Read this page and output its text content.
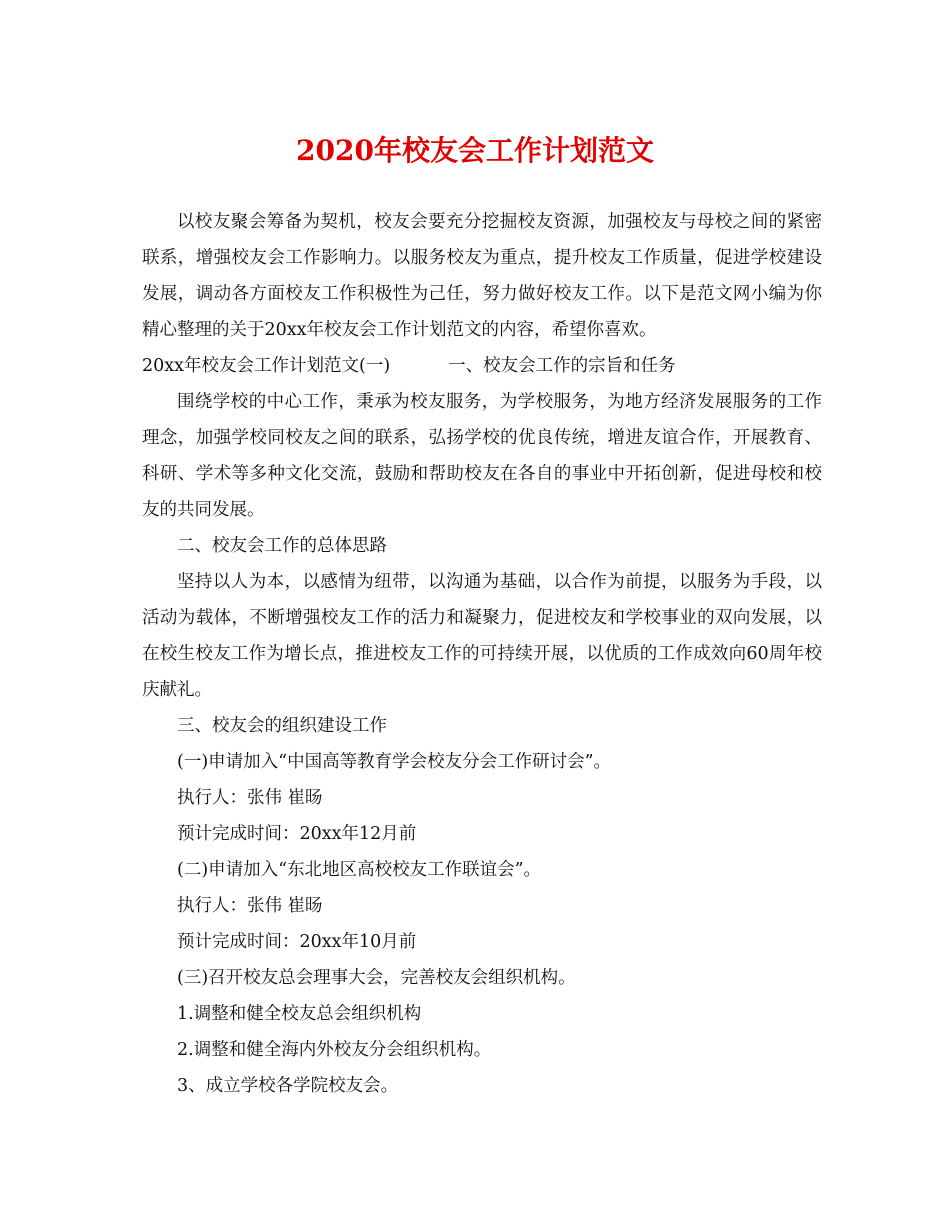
2020年校友会工作计划范文

以校友聚会筹备为契机，校友会要充分挖掘校友资源，加强校友与母校之间的紧密联系，增强校友会工作影响力。以服务校友为重点，提升校友工作质量，促进学校建设发展，调动各方面校友工作积极性为己任，努力做好校友工作。以下是范文网小编为你精心整理的关于20xx年校友会工作计划范文的内容，希望你喜欢。

20xx年校友会工作计划范文(一)	一、校友会工作的宗旨和任务

围绕学校的中心工作，秉承为校友服务，为学校服务，为地方经济发展服务的工作理念，加强学校同校友之间的联系，弘扬学校的优良传统，增进友谊合作，开展教育、科研、学术等多种文化交流，鼓励和帮助校友在各自的事业中开拓创新，促进母校和校友的共同发展。

二、校友会工作的总体思路

坚持以人为本，以感情为纽带，以沟通为基础，以合作为前提，以服务为手段，以活动为载体，不断增强校友工作的活力和凝聚力，促进校友和学校事业的双向发展，以在校生校友工作为增长点，推进校友工作的可持续开展，以优质的工作成效向60周年校庆献礼。

三、校友会的组织建设工作

(一)申请加入“中国高等教育学会校友分会工作研讨会”。

执行人：张伟 崔旸

预计完成时间：20xx年12月前

(二)申请加入“东北地区高校校友工作联谊会”。

执行人：张伟 崔旸

预计完成时间：20xx年10月前

(三)召开校友总会理事大会，完善校友会组织机构。

1.调整和健全校友总会组织机构

2.调整和健全海内外校友分会组织机构。

3、成立学校各学院校友会。
